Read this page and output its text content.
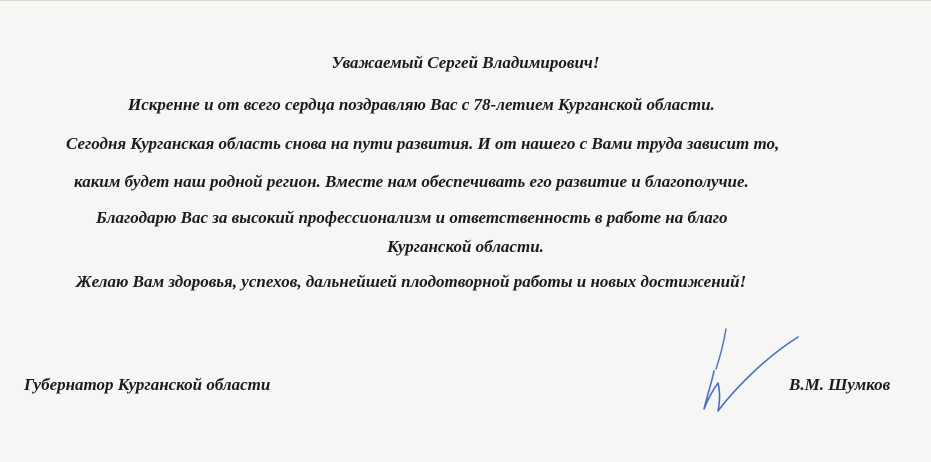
Уважаемый Сергей Владимирович!
Искренне и от всего сердца поздравляю Вас с 78-летием Курганской области.
Сегодня Курганская область снова на пути развития. И от нашего с Вами труда зависит то,
каким будет наш родной регион. Вместе нам обеспечивать его развитие и благополучие.
Благодарю Вас за высокий профессионализм и ответственность в работе на благо
Курганской области.
Желаю Вам здоровья, успехов, дальнейшей плодотворной работы и новых достижений!
Губернатор Курганской области	В.М. Шумков
